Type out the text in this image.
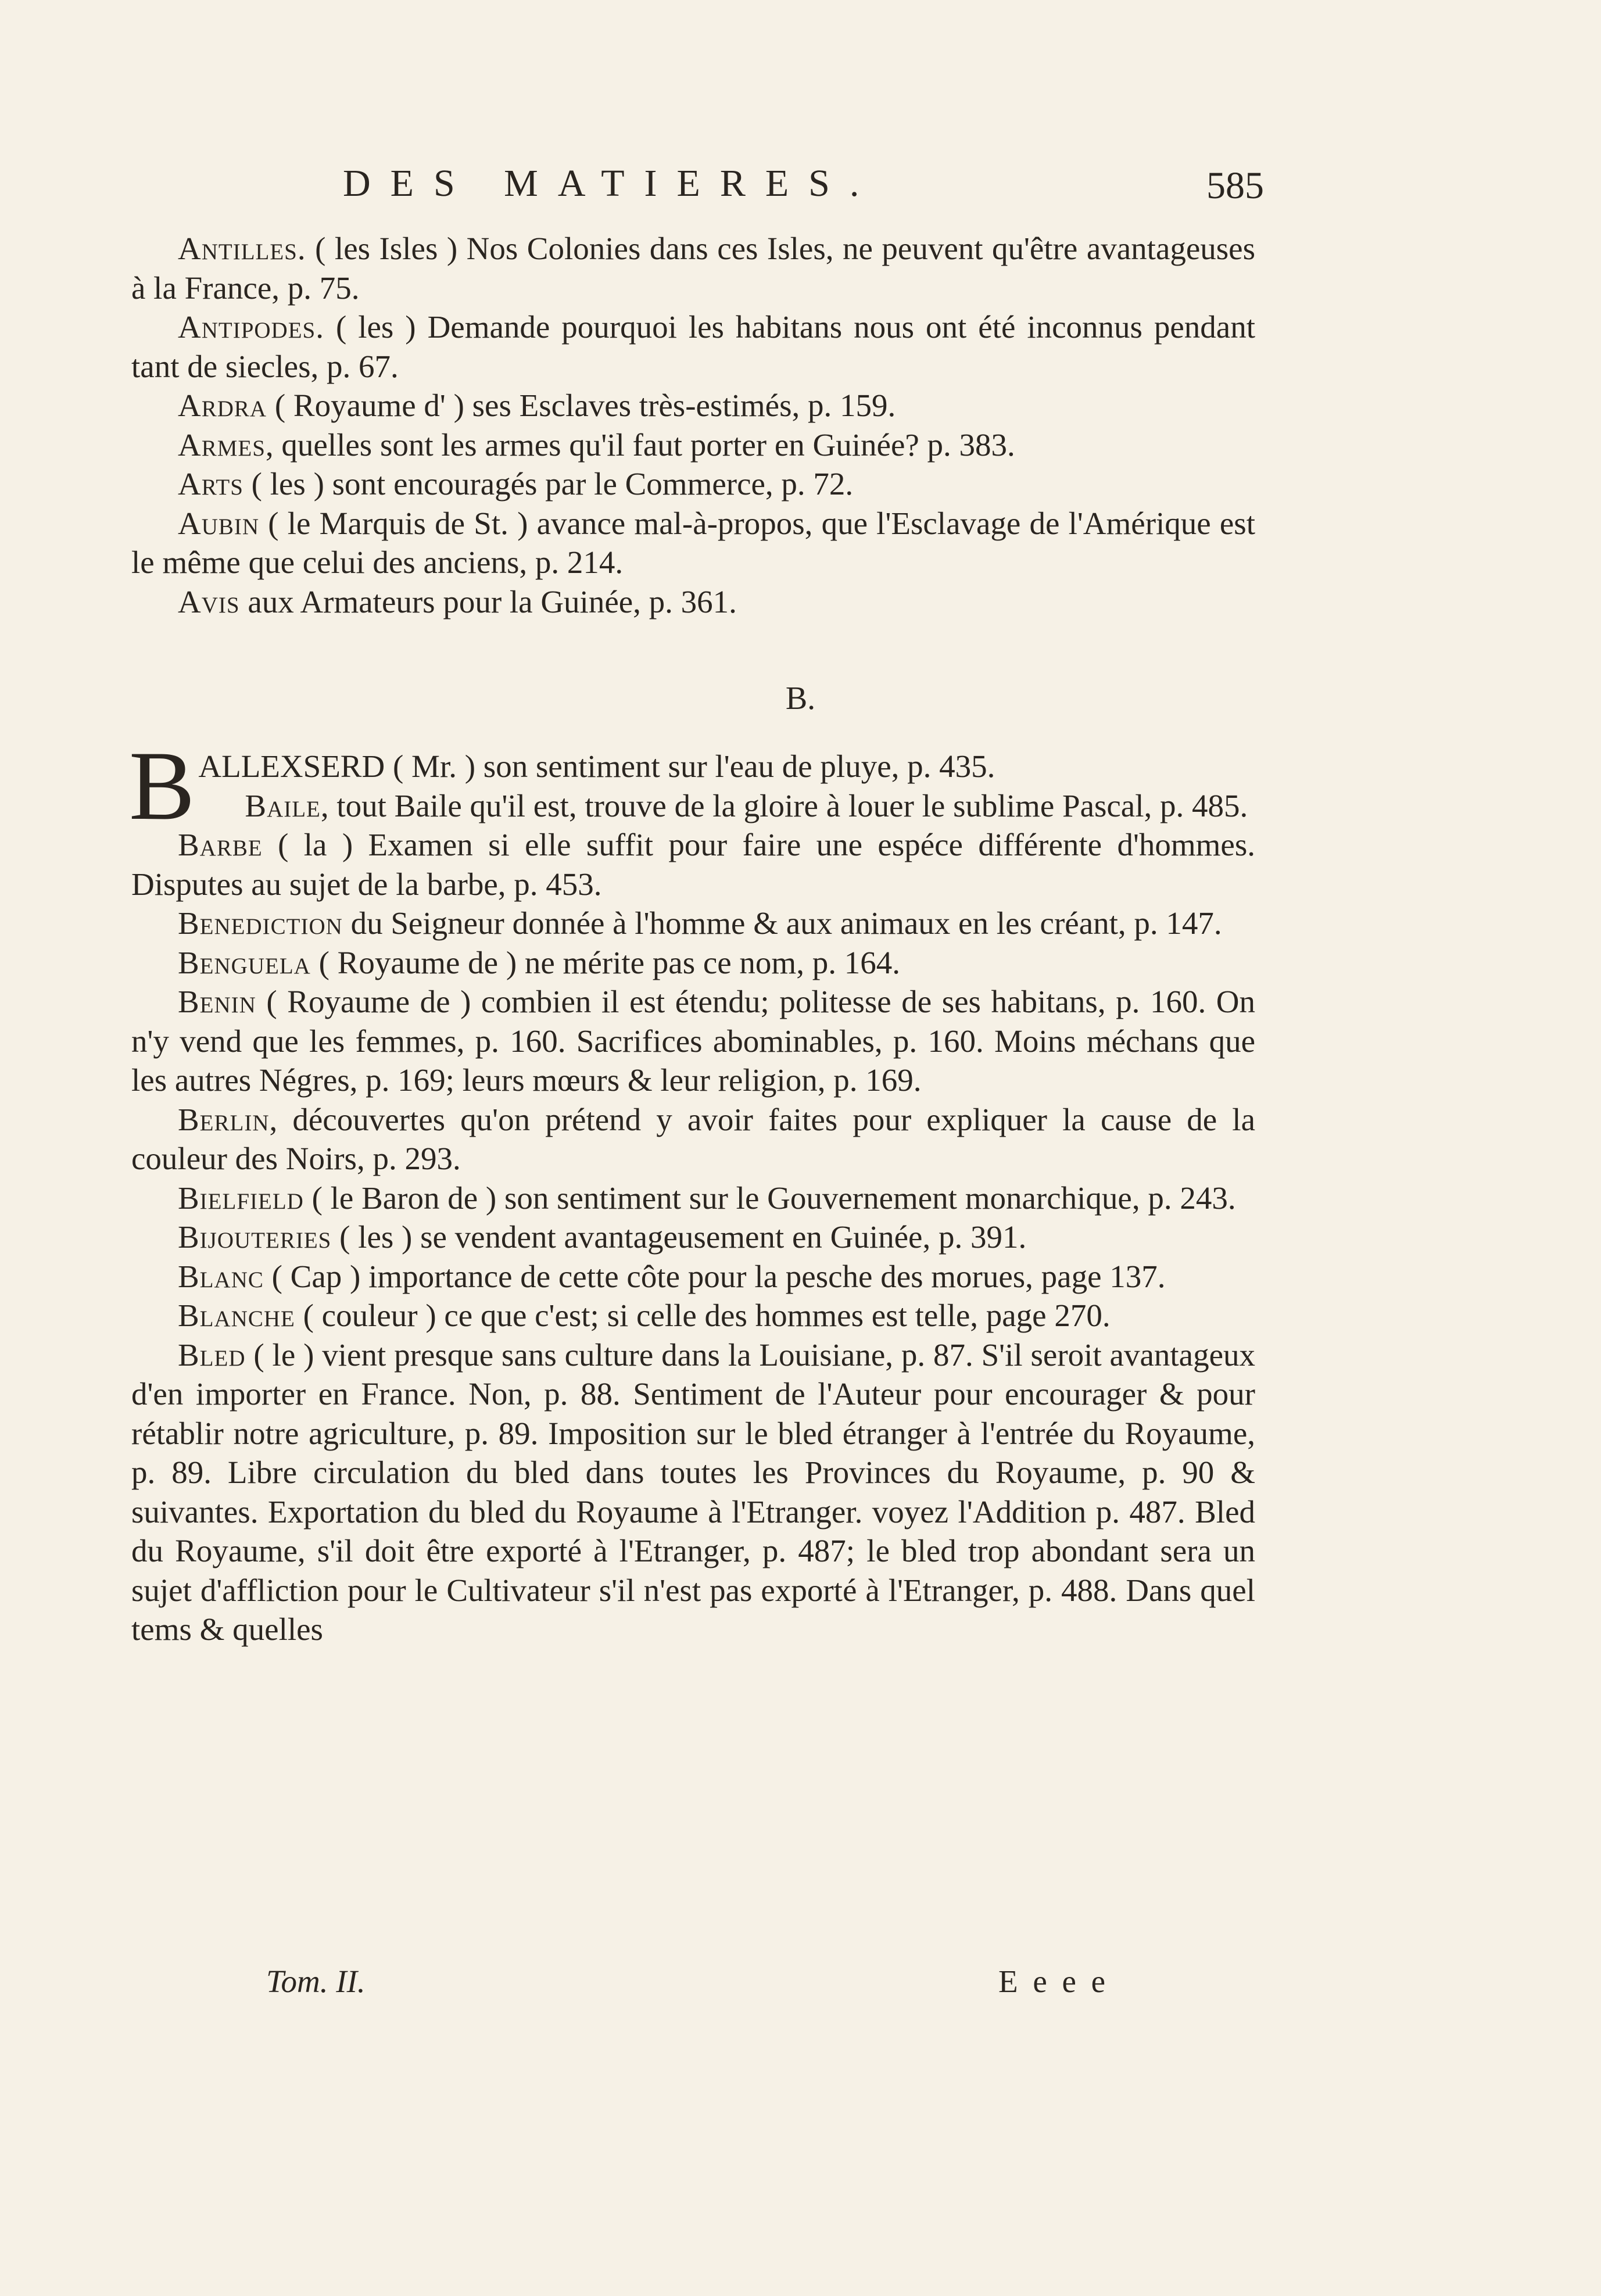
DES MATIERES.	585

Antilles. ( les Isles ) Nos Colonies dans ces Isles, ne peuvent qu'être avantageuses à la France, p. 75.

Antipodes. ( les ) Demande pourquoi les habitans nous ont été inconnus pendant tant de siecles, p. 67.

Ardra ( Royaume d' ) ses Esclaves très-estimés, p. 159.

Armes, quelles sont les armes qu'il faut porter en Guinée? p. 383.

Arts ( les ) sont encouragés par le Commerce, p. 72.

Aubin ( le Marquis de St. ) avance mal-à-propos, que l'Esclavage de l'Amérique est le même que celui des anciens, p. 214.

Avis aux Armateurs pour la Guinée, p. 361.

B.

BALLEXSERD ( Mr. ) son sentiment sur l'eau de pluye, p. 435.

Baile, tout Baile qu'il est, trouve de la gloire à louer le sublime Pascal, p. 485.

Barbe ( la ) Examen si elle suffit pour faire une espéce différente d'hommes. Disputes au sujet de la barbe, p. 453.

Benediction du Seigneur donnée à l'homme & aux animaux en les créant, p. 147.

Benguela ( Royaume de ) ne mérite pas ce nom, p. 164.

Benin ( Royaume de ) combien il est étendu; politesse de ses habitans, p. 160. On n'y vend que les femmes, p. 160. Sacrifices abominables, p. 160. Moins méchans que les autres Négres, p. 169; leurs mœurs & leur religion, p. 169.

Berlin, découvertes qu'on prétend y avoir faites pour expliquer la cause de la couleur des Noirs, p. 293.

Bielfield ( le Baron de ) son sentiment sur le Gouvernement monarchique, p. 243.

Bijouteries ( les ) se vendent avantageusement en Guinée, p. 391.

Blanc ( Cap ) importance de cette côte pour la pesche des morues, page 137.

Blanche ( couleur ) ce que c'est; si celle des hommes est telle, page 270.

Bled ( le ) vient presque sans culture dans la Louisiane, p. 87. S'il seroit avantageux d'en importer en France. Non, p. 88. Sentiment de l'Auteur pour encourager & pour rétablir notre agriculture, p. 89. Imposition sur le bled étranger à l'entrée du Royaume, p. 89. Libre circulation du bled dans toutes les Provinces du Royaume, p. 90 & suivantes. Exportation du bled du Royaume à l'Etranger. voyez l'Addition p. 487. Bled du Royaume, s'il doit être exporté à l'Etranger, p. 487; le bled trop abondant sera un sujet d'affliction pour le Cultivateur s'il n'est pas exporté à l'Etranger, p. 488. Dans quel tems & quelles

Tom. II.	E e e e
